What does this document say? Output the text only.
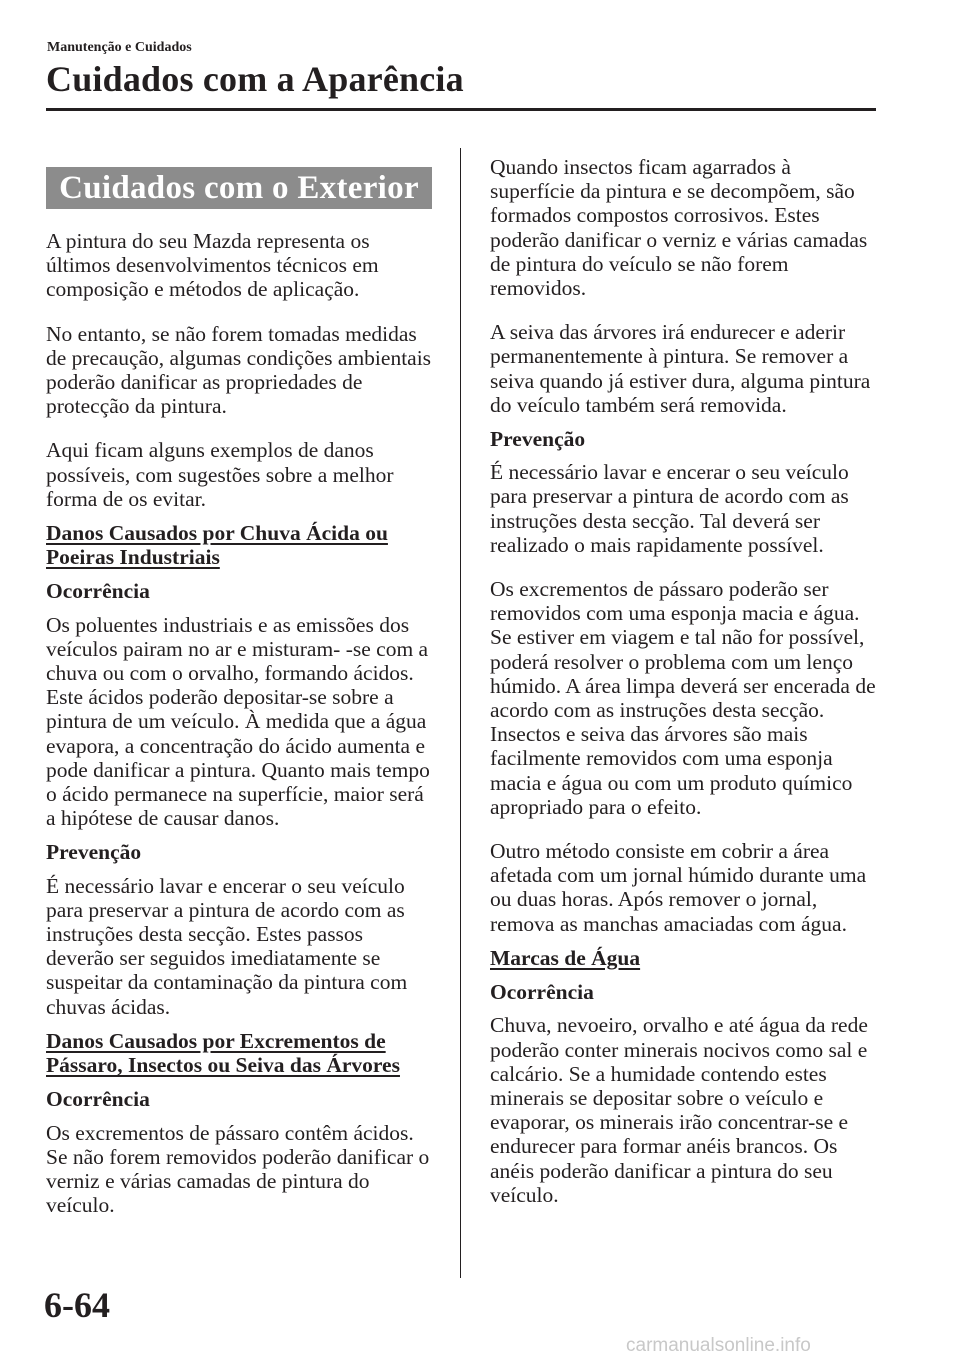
Manutenção e Cuidados
Cuidados com a Aparência
Cuidados com o Exterior

A pintura do seu Mazda representa os últimos desenvolvimentos técnicos em composição e métodos de aplicação.

No entanto, se não forem tomadas medidas de precaução, algumas condições ambientais poderão danificar as propriedades de protecção da pintura.

Aqui ficam alguns exemplos de danos possíveis, com sugestões sobre a melhor forma de os evitar.

Danos Causados por Chuva Ácida ou Poeiras Industriais

Ocorrência

Os poluentes industriais e as emissões dos veículos pairam no ar e misturam- -se com a chuva ou com o orvalho, formando ácidos. Este ácidos poderão depositar-se sobre a pintura de um veículo. À medida que a água evapora, a concentração do ácido aumenta e pode danificar a pintura. Quanto mais tempo o ácido permanece na superfície, maior será a hipótese de causar danos.

Prevenção

É necessário lavar e encerar o seu veículo para preservar a pintura de acordo com as instruções desta secção. Estes passos deverão ser seguidos imediatamente se suspeitar da contaminação da pintura com chuvas ácidas.

Danos Causados por Excrementos de Pássaro, Insectos ou Seiva das Árvores

Ocorrência

Os excrementos de pássaro contêm ácidos. Se não forem removidos poderão danificar o verniz e várias camadas de pintura do veículo.

Quando insectos ficam agarrados à superfície da pintura e se decompõem, são formados compostos corrosivos. Estes poderão danificar o verniz e várias camadas de pintura do veículo se não forem removidos.

A seiva das árvores irá endurecer e aderir permanentemente à pintura. Se remover a seiva quando já estiver dura, alguma pintura do veículo também será removida.

Prevenção

É necessário lavar e encerar o seu veículo para preservar a pintura de acordo com as instruções desta secção. Tal deverá ser realizado o mais rapidamente possível.

Os excrementos de pássaro poderão ser removidos com uma esponja macia e água. Se estiver em viagem e tal não for possível, poderá resolver o problema com um lenço húmido. A área limpa deverá ser encerada de acordo com as instruções desta secção.

Insectos e seiva das árvores são mais facilmente removidos com uma esponja macia e água ou com um produto químico apropriado para o efeito.

Outro método consiste em cobrir a área afetada com um jornal húmido durante uma ou duas horas. Após remover o jornal, remova as manchas amaciadas com água.

Marcas de Água

Ocorrência

Chuva, nevoeiro, orvalho e até água da rede poderão conter minerais nocivos como sal e calcário. Se a humidade contendo estes minerais se depositar sobre o veículo e evaporar, os minerais irão concentrar-se e endurecer para formar anéis brancos. Os anéis poderão danificar a pintura do seu veículo.

6-64
carmanualsonline.info
